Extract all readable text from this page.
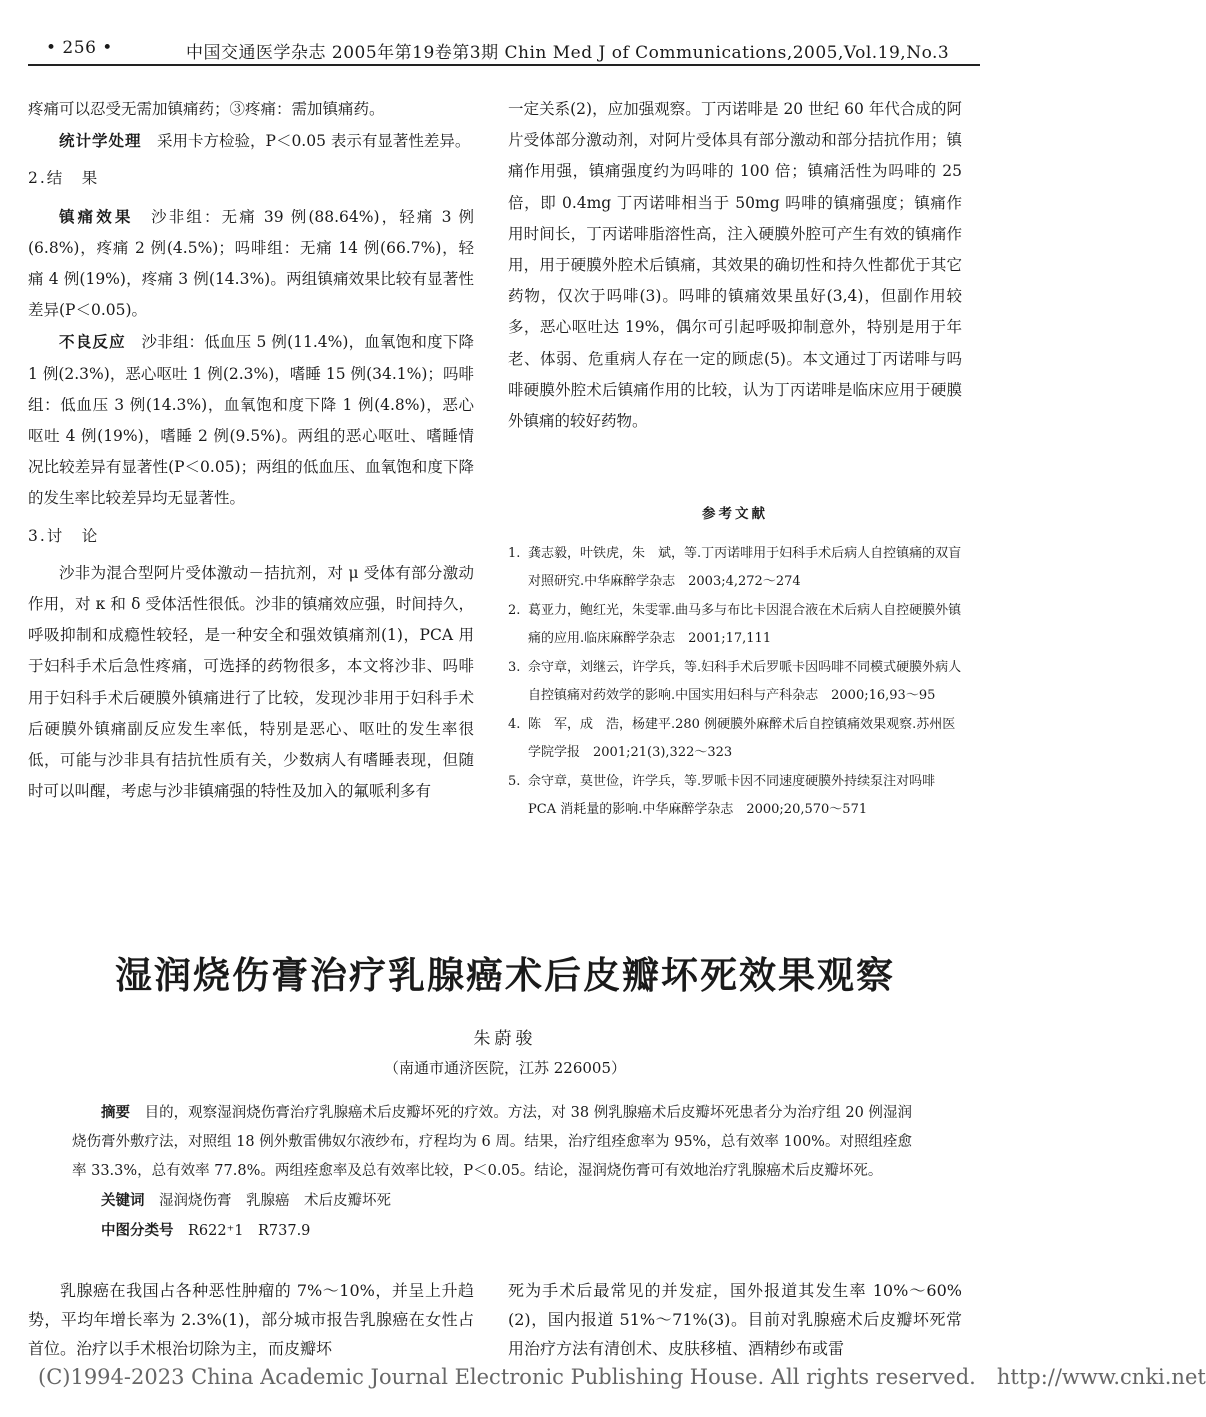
• 256 •	中国交通医学杂志 2005年第19卷第3期 Chin Med J of Communications,2005,Vol.19,No.3

疼痛可以忍受无需加镇痛药；③疼痛：需加镇痛药。

统计学处理　采用卡方检验，P＜0.05 表示有显著性差异。

2.结　果

镇痛效果　沙非组：无痛 39 例(88.64%)，轻痛 3 例(6.8%)，疼痛 2 例(4.5%)；吗啡组：无痛 14 例(66.7%)，轻痛 4 例(19%)，疼痛 3 例(14.3%)。两组镇痛效果比较有显著性差异(P＜0.05)。

不良反应　沙非组：低血压 5 例(11.4%)，血氧饱和度下降 1 例(2.3%)，恶心呕吐 1 例(2.3%)，嗜睡 15 例(34.1%)；吗啡组：低血压 3 例(14.3%)，血氧饱和度下降 1 例(4.8%)，恶心呕吐 4 例(19%)，嗜睡 2 例(9.5%)。两组的恶心呕吐、嗜睡情况比较差异有显著性(P＜0.05)；两组的低血压、血氧饱和度下降的发生率比较差异均无显著性。

3.讨　论

沙非为混合型阿片受体激动－拮抗剂，对 μ 受体有部分激动作用，对 κ 和 δ 受体活性很低。沙非的镇痛效应强，时间持久，呼吸抑制和成瘾性较轻，是一种安全和强效镇痛剂(1)，PCA 用于妇科手术后急性疼痛，可选择的药物很多，本文将沙非、吗啡用于妇科手术后硬膜外镇痛进行了比较，发现沙非用于妇科手术后硬膜外镇痛副反应发生率低，特别是恶心、呕吐的发生率很低，可能与沙非具有拮抗性质有关，少数病人有嗜睡表现，但随时可以叫醒，考虑与沙非镇痛强的特性及加入的氟哌利多有

一定关系(2)，应加强观察。丁丙诺啡是 20 世纪 60 年代合成的阿片受体部分激动剂，对阿片受体具有部分激动和部分拮抗作用；镇痛作用强，镇痛强度约为吗啡的 100 倍；镇痛活性为吗啡的 25 倍，即 0.4mg 丁丙诺啡相当于 50mg 吗啡的镇痛强度；镇痛作用时间长，丁丙诺啡脂溶性高，注入硬膜外腔可产生有效的镇痛作用，用于硬膜外腔术后镇痛，其效果的确切性和持久性都优于其它药物，仅次于吗啡(3)。吗啡的镇痛效果虽好(3,4)，但副作用较多，恶心呕吐达 19%，偶尔可引起呼吸抑制意外，特别是用于年老、体弱、危重病人存在一定的顾虑(5)。本文通过丁丙诺啡与吗啡硬膜外腔术后镇痛作用的比较，认为丁丙诺啡是临床应用于硬膜外镇痛的较好药物。

参考文献
1. 龚志毅，叶铁虎，朱　斌，等.丁丙诺啡用于妇科手术后病人自控镇痛的双盲对照研究.中华麻醉学杂志　2003;4,272～274
2. 葛亚力，鲍红光，朱雯霏.曲马多与布比卡因混合液在术后病人自控硬膜外镇痛的应用.临床麻醉学杂志　2001;17,111
3. 佘守章，刘继云，许学兵，等.妇科手术后罗哌卡因吗啡不同模式硬膜外病人自控镇痛对药效学的影响.中国实用妇科与产科杂志　2000;16,93～95
4. 陈　军，成　浩，杨建平.280 例硬膜外麻醉术后自控镇痛效果观察.苏州医学院学报　2001;21(3),322～323
5. 佘守章，莫世俭，许学兵，等.罗哌卡因不同速度硬膜外持续泵注对吗啡PCA 消耗量的影响.中华麻醉学杂志　2000;20,570～571
湿润烧伤膏治疗乳腺癌术后皮瓣坏死效果观察
朱蔚骏
（南通市通济医院，江苏 226005）
摘要　目的，观察湿润烧伤膏治疗乳腺癌术后皮瓣坏死的疗效。方法，对 38 例乳腺癌术后皮瓣坏死患者分为治疗组 20 例湿润烧伤膏外敷疗法，对照组 18 例外敷雷佛奴尔液纱布，疗程均为 6 周。结果，治疗组痊愈率为 95%，总有效率 100%。对照组痊愈率 33.3%，总有效率 77.8%。两组痊愈率及总有效率比较，P＜0.05。结论，湿润烧伤膏可有效地治疗乳腺癌术后皮瓣坏死。
关键词　 湿润烧伤膏　乳腺癌　术后皮瓣坏死
中图分类号　 R622⁺1　R737.9

乳腺癌在我国占各种恶性肿瘤的 7%～10%，并呈上升趋势，平均年增长率为 2.3%(1)，部分城市报告乳腺癌在女性占首位。治疗以手术根治切除为主，而皮瓣坏

死为手术后最常见的并发症，国外报道其发生率 10%～60%(2)，国内报道 51%～71%(3)。目前对乳腺癌术后皮瓣坏死常用治疗方法有清创术、皮肤移植、酒精纱布或雷

(C)1994-2023 China Academic Journal Electronic Publishing House. All rights reserved.　http://www.cnki.net
